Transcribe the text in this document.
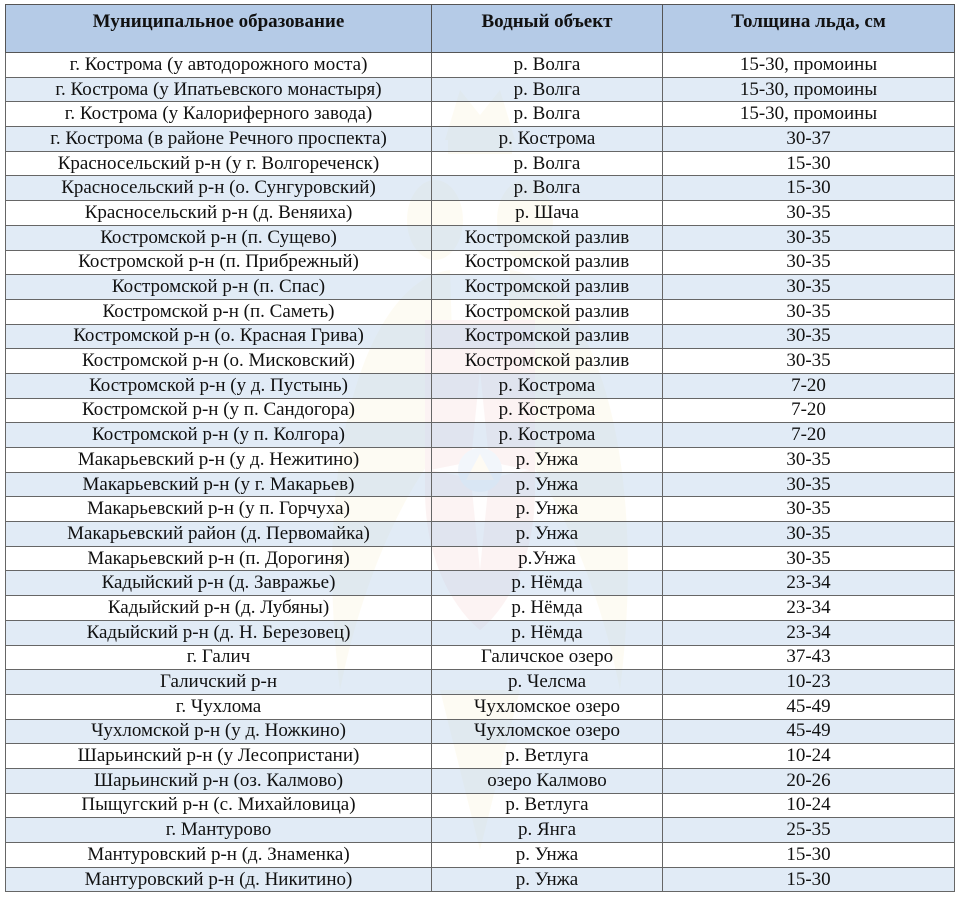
Муниципальное образование	Водный объект	Толщина льда, см
г. Кострома (у автодорожного моста)	р. Волга	15-30, промоины
г. Кострома (у Ипатьевского монастыря)	р. Волга	15-30, промоины
г. Кострома (у Калориферного завода)	р. Волга	15-30, промоины
г. Кострома (в районе Речного проспекта)	р. Кострома	30-37
Красносельский р-н (у г. Волгореченск)	р. Волга	15-30
Красносельский р-н (о. Сунгуровский)	р. Волга	15-30
Красносельский р-н (д. Веняиха)	р. Шача	30-35
Костромской р-н (п. Сущево)	Костромской разлив	30-35
Костромской р-н (п. Прибрежный)	Костромской разлив	30-35
Костромской р-н (п. Спас)	Костромской разлив	30-35
Костромской р-н (п. Саметь)	Костромской разлив	30-35
Костромской р-н (о. Красная Грива)	Костромской разлив	30-35
Костромской р-н (о. Мисковский)	Костромской разлив	30-35
Костромской р-н (у д. Пустынь)	р. Кострома	7-20
Костромской р-н (у п. Сандогора)	р. Кострома	7-20
Костромской р-н (у п. Колгора)	р. Кострома	7-20
Макарьевский р-н (у д. Нежитино)	р. Унжа	30-35
Макарьевский р-н (у г. Макарьев)	р. Унжа	30-35
Макарьевский р-н (у п. Горчуха)	р. Унжа	30-35
Макарьевский район (д. Первомайка)	р. Унжа	30-35
Макарьевский р-н (п. Дорогиня)	р.Унжа	30-35
Кадыйский р-н (д. Завражье)	р. Нёмда	23-34
Кадыйский р-н (д. Лубяны)	р. Нёмда	23-34
Кадыйский р-н (д. Н. Березовец)	р. Нёмда	23-34
г. Галич	Галичское озеро	37-43
Галичский р-н	р. Челсма	10-23
г. Чухлома	Чухломское озеро	45-49
Чухломской р-н (у д. Ножкино)	Чухломское озеро	45-49
Шарьинский р-н (у Лесопристани)	р. Ветлуга	10-24
Шарьинский р-н (оз. Калмово)	озеро Калмово	20-26
Пыщугский р-н (с. Михайловица)	р. Ветлуга	10-24
г. Мантурово	р. Янга	25-35
Мантуровский р-н (д. Знаменка)	р. Унжа	15-30
Мантуровский р-н (д. Никитино)	р. Унжа	15-30
